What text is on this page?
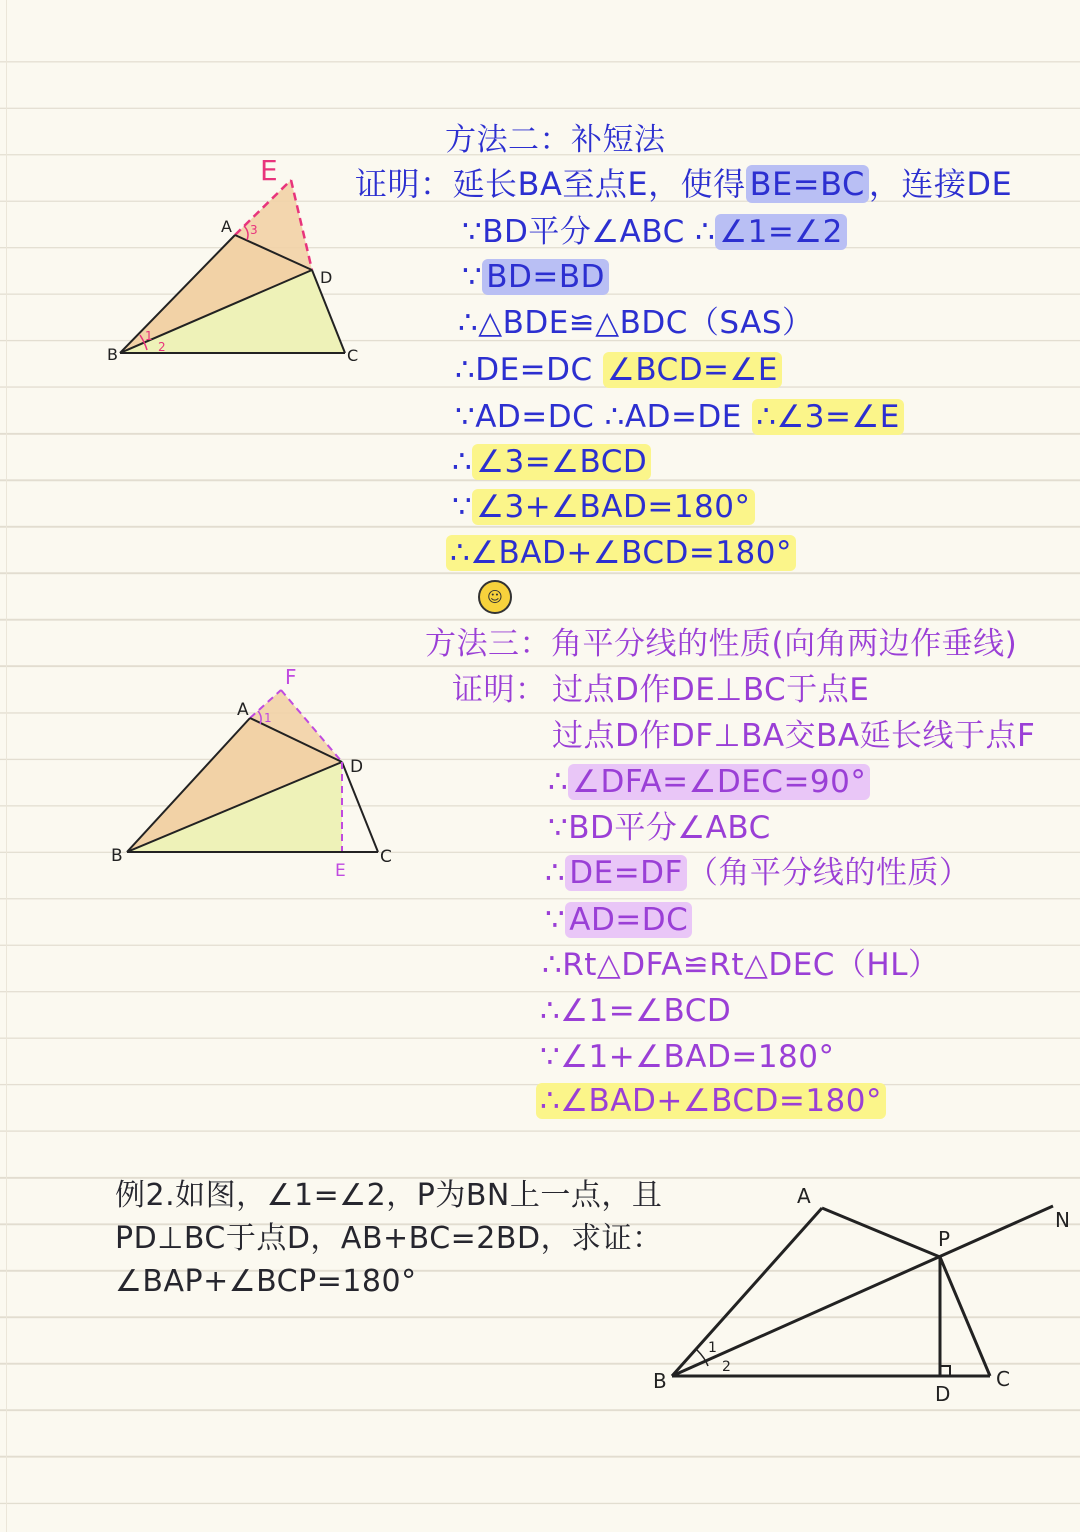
E
A
D
B	C
1
2
3
方法二：补短法
证明：延长BA至点E，使得 BE=BC ，连接DE
∵BD平分∠ABC ∴ ∠1=∠2
∵ BD=BD
∴△BDE≌△BDC（SAS）
∴DE=DC ∠BCD=∠E
∵AD=DC ∴AD=DE ∴∠3=∠E
∴ ∠3=∠BCD
∵ ∠3+∠BAD=180°
∴∠BAD+∠BCD=180°
☺
F
A
D
B	C
E
1
方法三：角平分线的性质(向角两边作垂线)
证明： 过点D作DE⊥BC于点E
过点D作DF⊥BA交BA延长线于点F
∴ ∠DFA=∠DEC=90°
∵BD平分∠ABC
∴ DE=DF （角平分线的性质）
∵ AD=DC
∴Rt△DFA≌Rt△DEC（HL）
∴∠1=∠BCD
∵∠1+∠BAD=180°
∴∠BAD+∠BCD=180°
例2.如图，∠1=∠2，P为BN上一点，且
PD⊥BC于点D，AB+BC=2BD，求证：
∠BAP+∠BCP=180°
A
N
P
B	C
D
1
2
